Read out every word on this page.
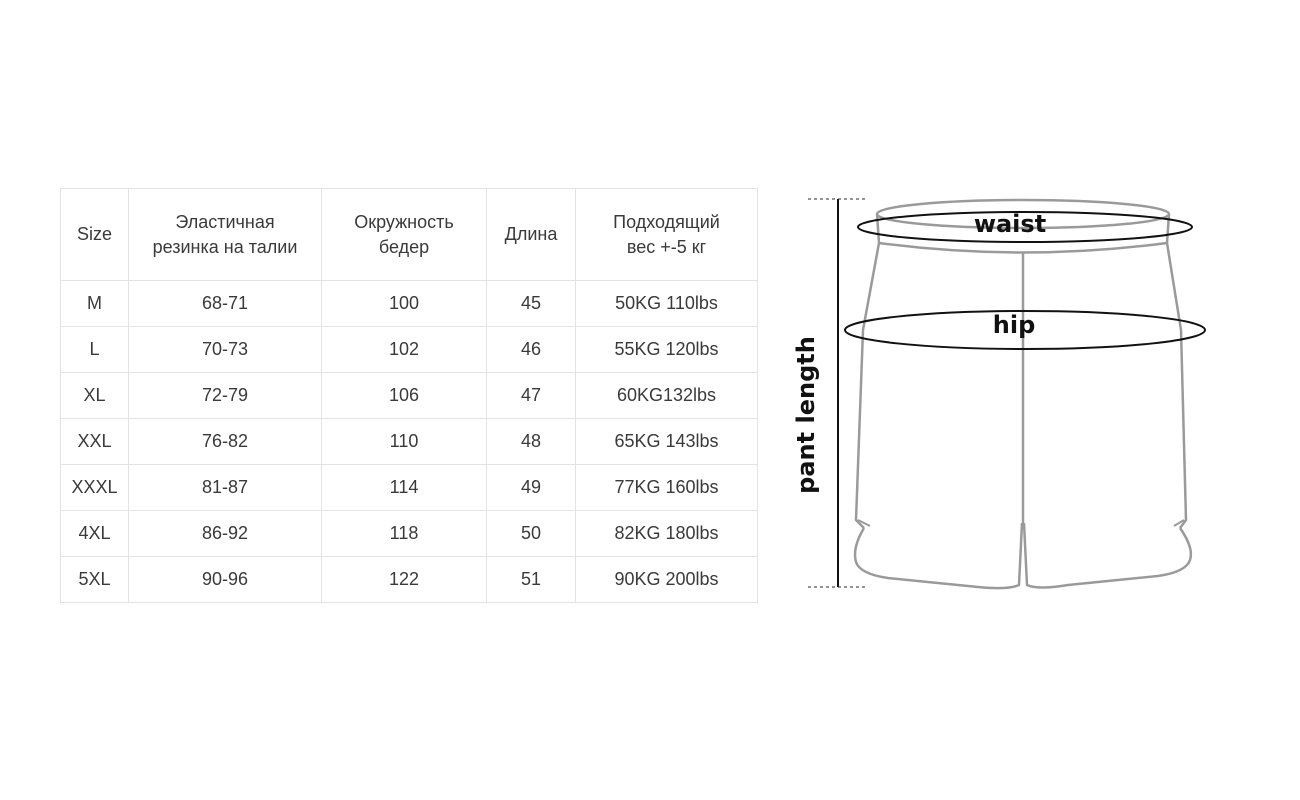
Size	Эластичная резинка на талии	Окружность бедер	Длина	Подходящий вес +-5 кг
M	68-71	100	45	50KG 110lbs
L	70-73	102	46	55KG 120lbs
XL	72-79	106	47	60KG132lbs
XXL	76-82	110	48	65KG 143lbs
XXXL	81-87	114	49	77KG 160lbs
4XL	86-92	118	50	82KG 180lbs
5XL	90-96	122	51	90KG 200lbs
pant length
waist
hip
